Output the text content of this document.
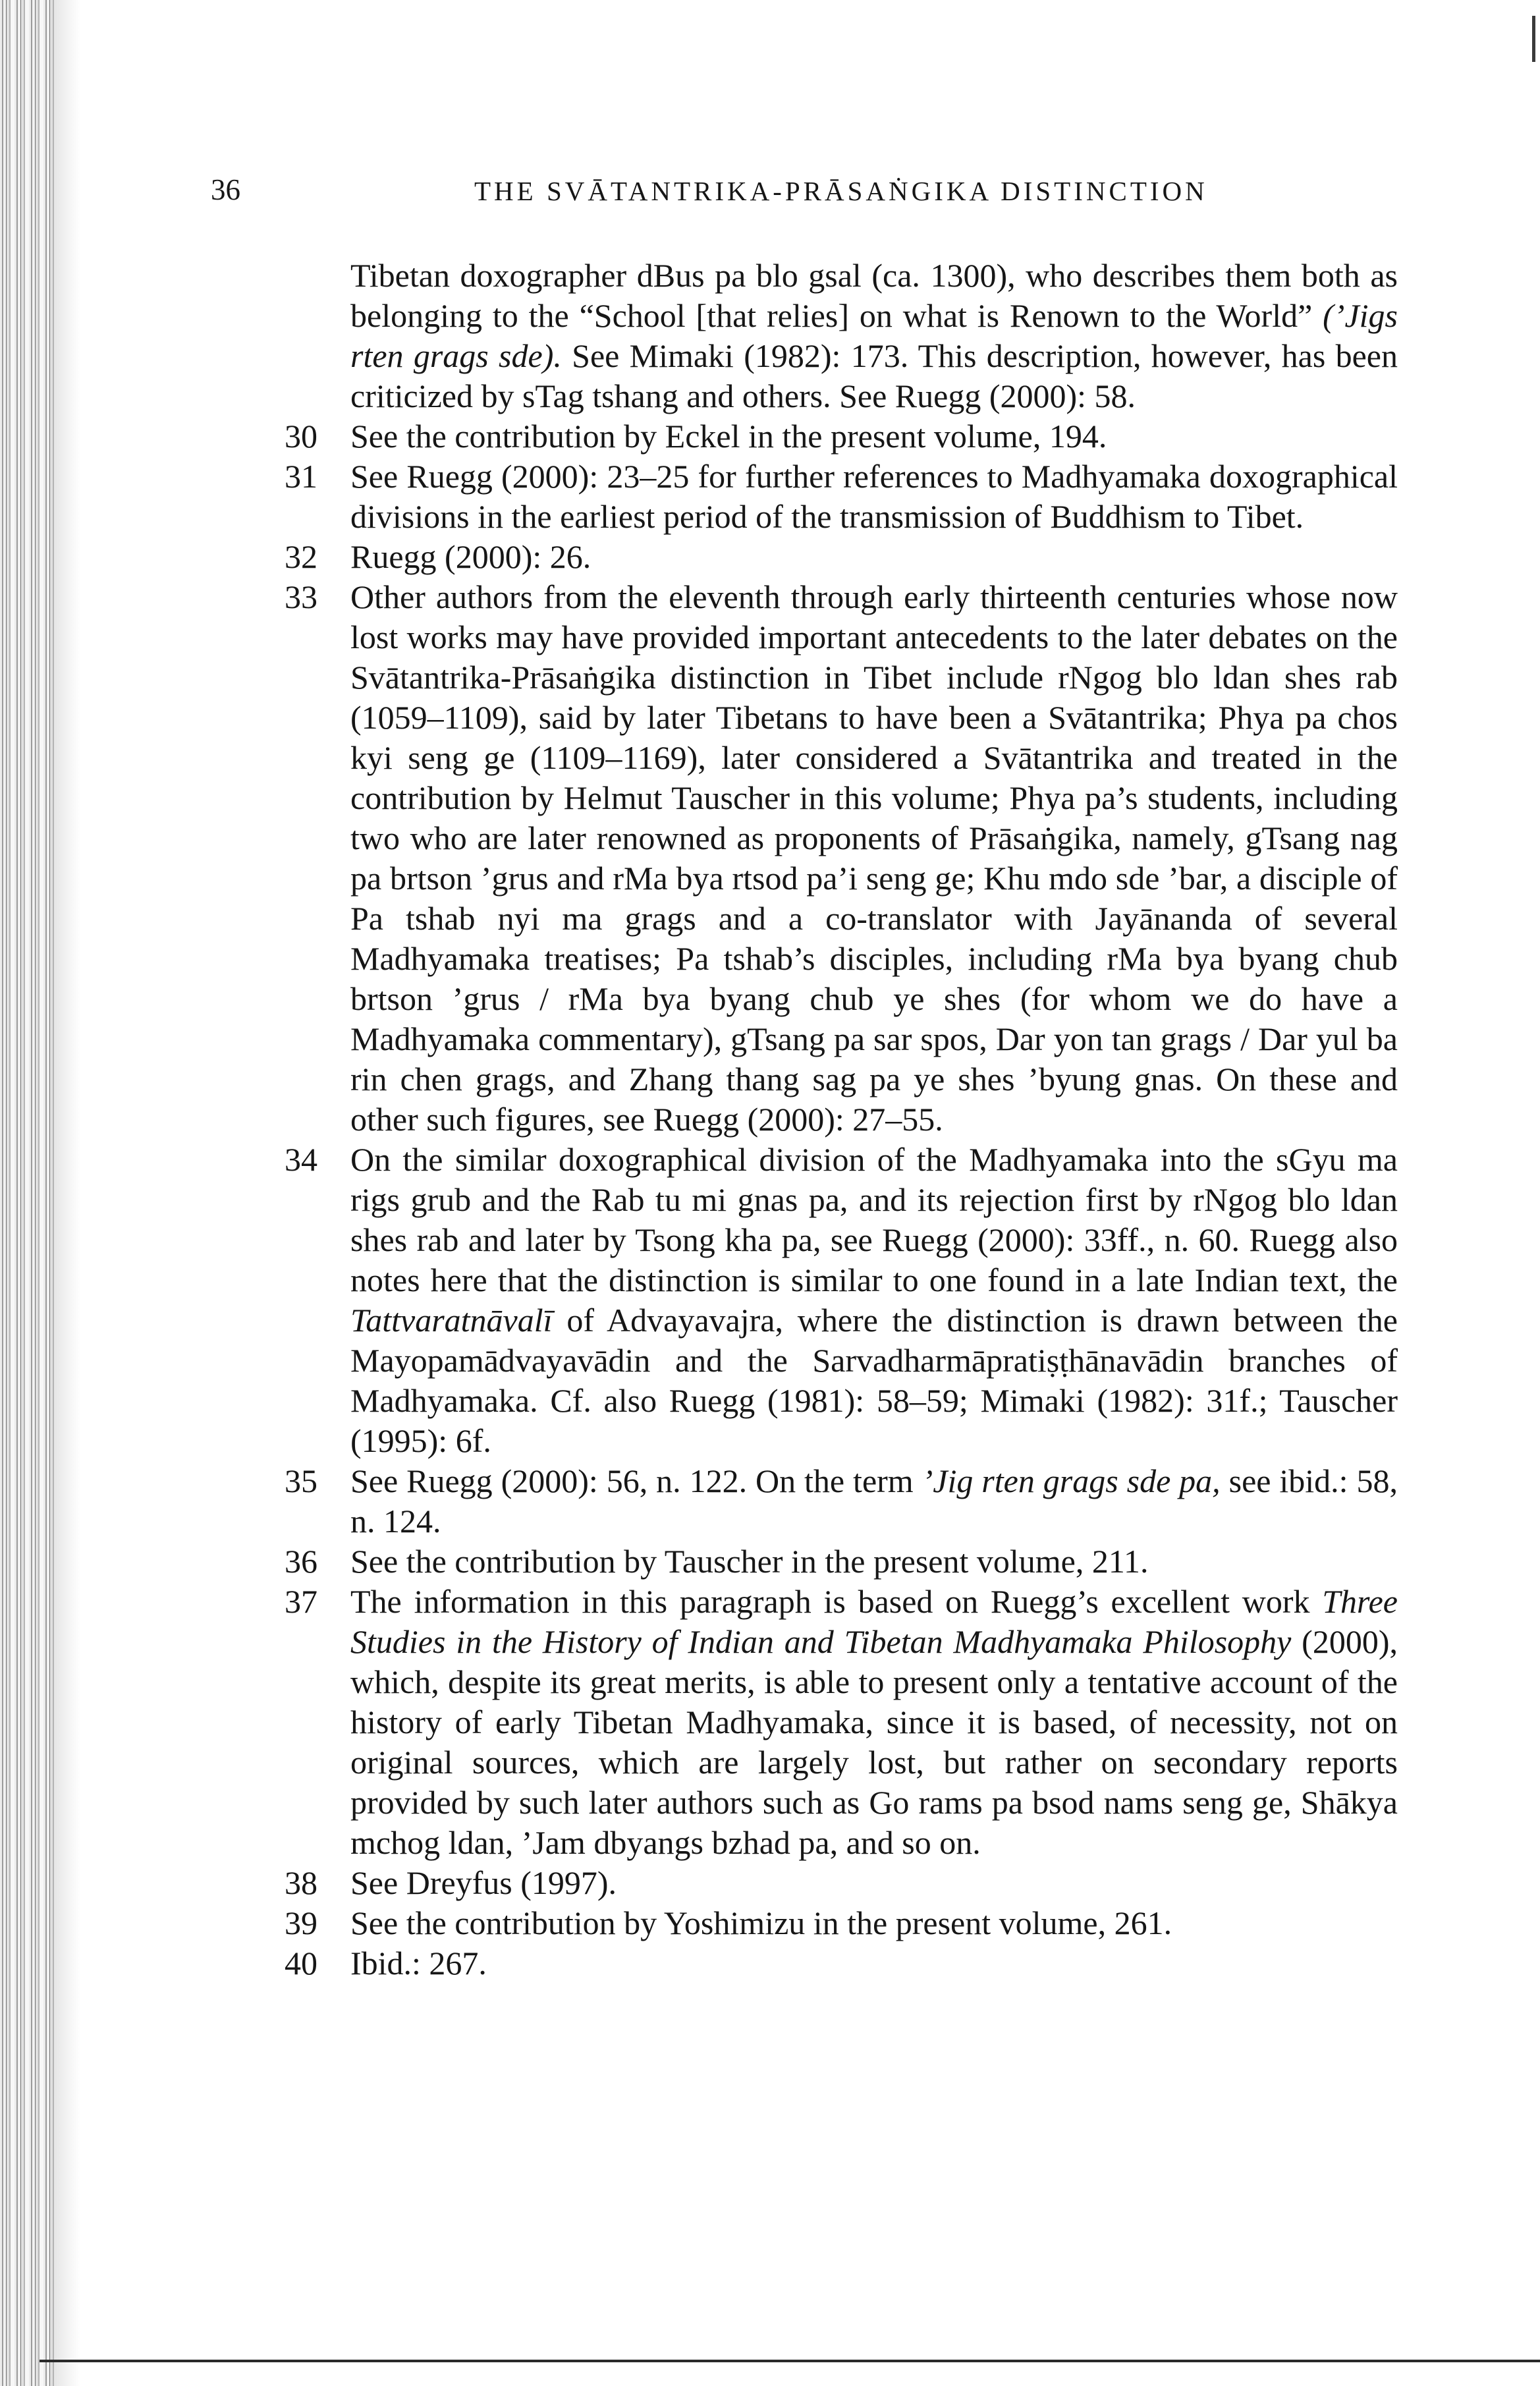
36	THE SVĀTANTRIKA-PRĀSAṄGIKA DISTINCTION

Tibetan doxographer dBus pa blo gsal (ca. 1300), who describes them both as belonging to the “School [that relies] on what is Renown to the World” (’Jigs rten grags sde). See Mimaki (1982): 173. This description, however, has been criticized by sTag tshang and others. See Ruegg (2000): 58.

30 See the contribution by Eckel in the present volume, 194.

31 See Ruegg (2000): 23–25 for further references to Madhyamaka doxographical divisions in the earliest period of the transmission of Buddhism to Tibet.

32 Ruegg (2000): 26.

33 Other authors from the eleventh through early thirteenth centuries whose now lost works may have provided important antecedents to the later debates on the Svātantrika-Prāsaṅgika distinction in Tibet include rNgog blo ldan shes rab (1059–1109), said by later Tibetans to have been a Svātantrika; Phya pa chos kyi seng ge (1109–1169), later considered a Svātantrika and treated in the contribution by Helmut Tauscher in this volume; Phya pa’s students, including two who are later renowned as proponents of Prāsaṅgika, namely, gTsang nag pa brtson ’grus and rMa bya rtsod pa’i seng ge; Khu mdo sde ’bar, a disciple of Pa tshab nyi ma grags and a co-translator with Jayānanda of several Madhyamaka treatises; Pa tshab’s disciples, including rMa bya byang chub brtson ’grus / rMa bya byang chub ye shes (for whom we do have a Madhyamaka commentary), gTsang pa sar spos, Dar yon tan grags / Dar yul ba rin chen grags, and Zhang thang sag pa ye shes ’byung gnas. On these and other such figures, see Ruegg (2000): 27–55.

34 On the similar doxographical division of the Madhyamaka into the sGyu ma rigs grub and the Rab tu mi gnas pa, and its rejection first by rNgog blo ldan shes rab and later by Tsong kha pa, see Ruegg (2000): 33ff., n. 60. Ruegg also notes here that the distinction is similar to one found in a late Indian text, the Tattvaratnāvalī of Advayavajra, where the distinction is drawn between the Mayopamādvayavādin and the Sarvadharmāpratiṣṭhānavādin branches of Madhyamaka. Cf. also Ruegg (1981): 58–59; Mimaki (1982): 31f.; Tauscher (1995): 6f.

35 See Ruegg (2000): 56, n. 122. On the term ’Jig rten grags sde pa, see ibid.: 58, n. 124.

36 See the contribution by Tauscher in the present volume, 211.

37 The information in this paragraph is based on Ruegg’s excellent work Three Studies in the History of Indian and Tibetan Madhyamaka Philosophy (2000), which, despite its great merits, is able to present only a tentative account of the history of early Tibetan Madhyamaka, since it is based, of necessity, not on original sources, which are largely lost, but rather on secondary reports provided by such later authors such as Go rams pa bsod nams seng ge, Shākya mchog ldan, ’Jam dbyangs bzhad pa, and so on.

38 See Dreyfus (1997).

39 See the contribution by Yoshimizu in the present volume, 261.

40 Ibid.: 267.
